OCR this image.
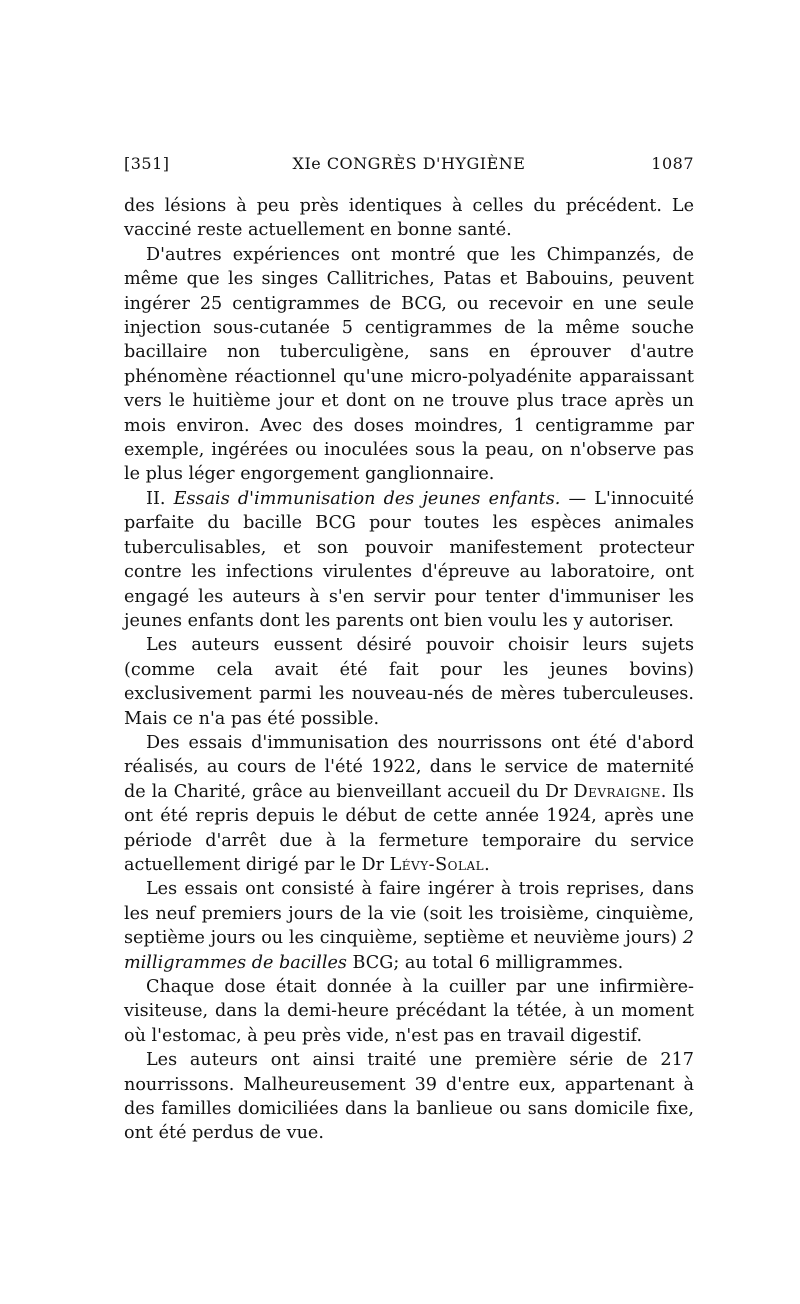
[351]	XIe CONGRÈS D'HYGIÈNE	1087

des lésions à peu près identiques à celles du précédent. Le vacciné reste actuellement en bonne santé.

D'autres expériences ont montré que les Chimpanzés, de même que les singes Callitriches, Patas et Babouins, peuvent ingérer 25 centigrammes de BCG, ou recevoir en une seule injection sous-cutanée 5 centigrammes de la même souche bacillaire non tuberculigène, sans en éprouver d'autre phénomène réactionnel qu'une micro-polyadénite apparaissant vers le huitième jour et dont on ne trouve plus trace après un mois environ. Avec des doses moindres, 1 centigramme par exemple, ingérées ou inoculées sous la peau, on n'observe pas le plus léger engorgement ganglionnaire.

II. Essais d'immunisation des jeunes enfants. — L'innocuité parfaite du bacille BCG pour toutes les espèces animales tuberculisables, et son pouvoir manifestement protecteur contre les infections virulentes d'épreuve au laboratoire, ont engagé les auteurs à s'en servir pour tenter d'immuniser les jeunes enfants dont les parents ont bien voulu les y autoriser.

Les auteurs eussent désiré pouvoir choisir leurs sujets (comme cela avait été fait pour les jeunes bovins) exclusivement parmi les nouveau-nés de mères tuberculeuses. Mais ce n'a pas été possible.

Des essais d'immunisation des nourrissons ont été d'abord réalisés, au cours de l'été 1922, dans le service de maternité de la Charité, grâce au bienveillant accueil du Dr Devraigne. Ils ont été repris depuis le début de cette année 1924, après une période d'arrêt due à la fermeture temporaire du service actuellement dirigé par le Dr Lévy-Solal.

Les essais ont consisté à faire ingérer à trois reprises, dans les neuf premiers jours de la vie (soit les troisième, cinquième, septième jours ou les cinquième, septième et neuvième jours) 2 milligrammes de bacilles BCG; au total 6 milligrammes.

Chaque dose était donnée à la cuiller par une infirmière-visiteuse, dans la demi-heure précédant la tétée, à un moment où l'estomac, à peu près vide, n'est pas en travail digestif.

Les auteurs ont ainsi traité une première série de 217 nourrissons. Malheureusement 39 d'entre eux, appartenant à des familles domiciliées dans la banlieue ou sans domicile fixe, ont été perdus de vue.
